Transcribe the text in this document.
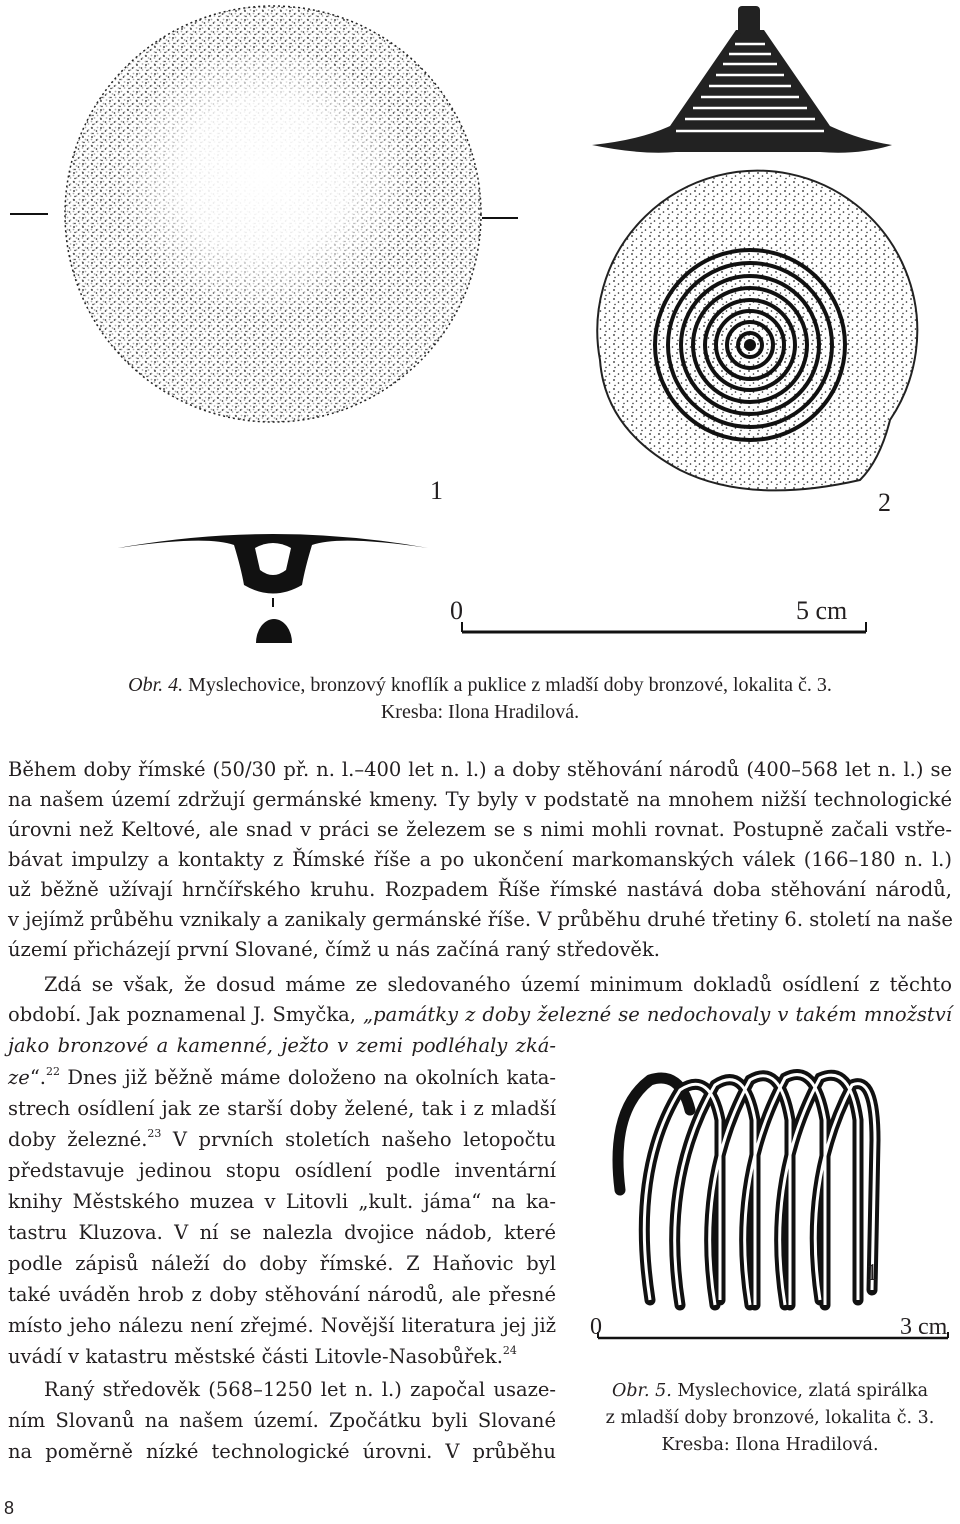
1	2
0	5 cm
Obr. 4. Myslechovice, bronzový knoflík a puklice z mladší doby bronzové, lokalita č. 3.
Kresba: Ilona Hradilová.
Během doby římské (50/30 př. n. l.–400 let n. l.) a doby stěhování národů (400–568 let n. l.) se
na našem území zdržují germánské kmeny. Ty byly v podstatě na mnohem nižší technologické
úrovni než Keltové, ale snad v práci se železem se s nimi mohli rovnat. Postupně začali vstře-
bávat impulzy a kontakty z Římské říše a po ukončení markomanských válek (166–180 n. l.)
už běžně užívají hrnčířského kruhu. Rozpadem Říše římské nastává doba stěhování národů,
v jejímž průběhu vznikaly a zanikaly germánské říše. V průběhu druhé třetiny 6. století na naše
území přicházejí první Slované, čímž u nás začíná raný středověk.
Zdá se však, že dosud máme ze sledovaného území minimum dokladů osídlení z těchto
období. Jak poznamenal J. Smyčka, „památky z doby železné se nedochovaly v takém množství
jako bronzové a kamenné, ježto v zemi podléhaly zká-
ze“.$^{22}$ Dnes již běžně máme doloženo na okolních kata-
strech osídlení jak ze starší doby želené, tak i z mladší
doby železné.$^{23}$ V prvních stoletích našeho letopočtu
představuje jedinou stopu osídlení podle inventární
knihy Městského muzea v Litovli „kult. jáma“ na ka-
tastru Kluzova. V ní se nalezla dvojice nádob, které
podle zápisů náleží do doby římské. Z Haňovic byl
také uváděn hrob z doby stěhování národů, ale přesné
místo jeho nálezu není zřejmé. Novější literatura jej již
uvádí v katastru městské části Litovle-Nasobůřek.$^{24}$
Raný středověk (568–1250 let n. l.) započal usaze-
ním Slovanů na našem území. Zpočátku byli Slované
na poměrně nízké technologické úrovni. V průběhu
1
0	3 cm
Obr. 5. Myslechovice, zlatá spirálka
z mladší doby bronzové, lokalita č. 3.
Kresba: Ilona Hradilová.
8
